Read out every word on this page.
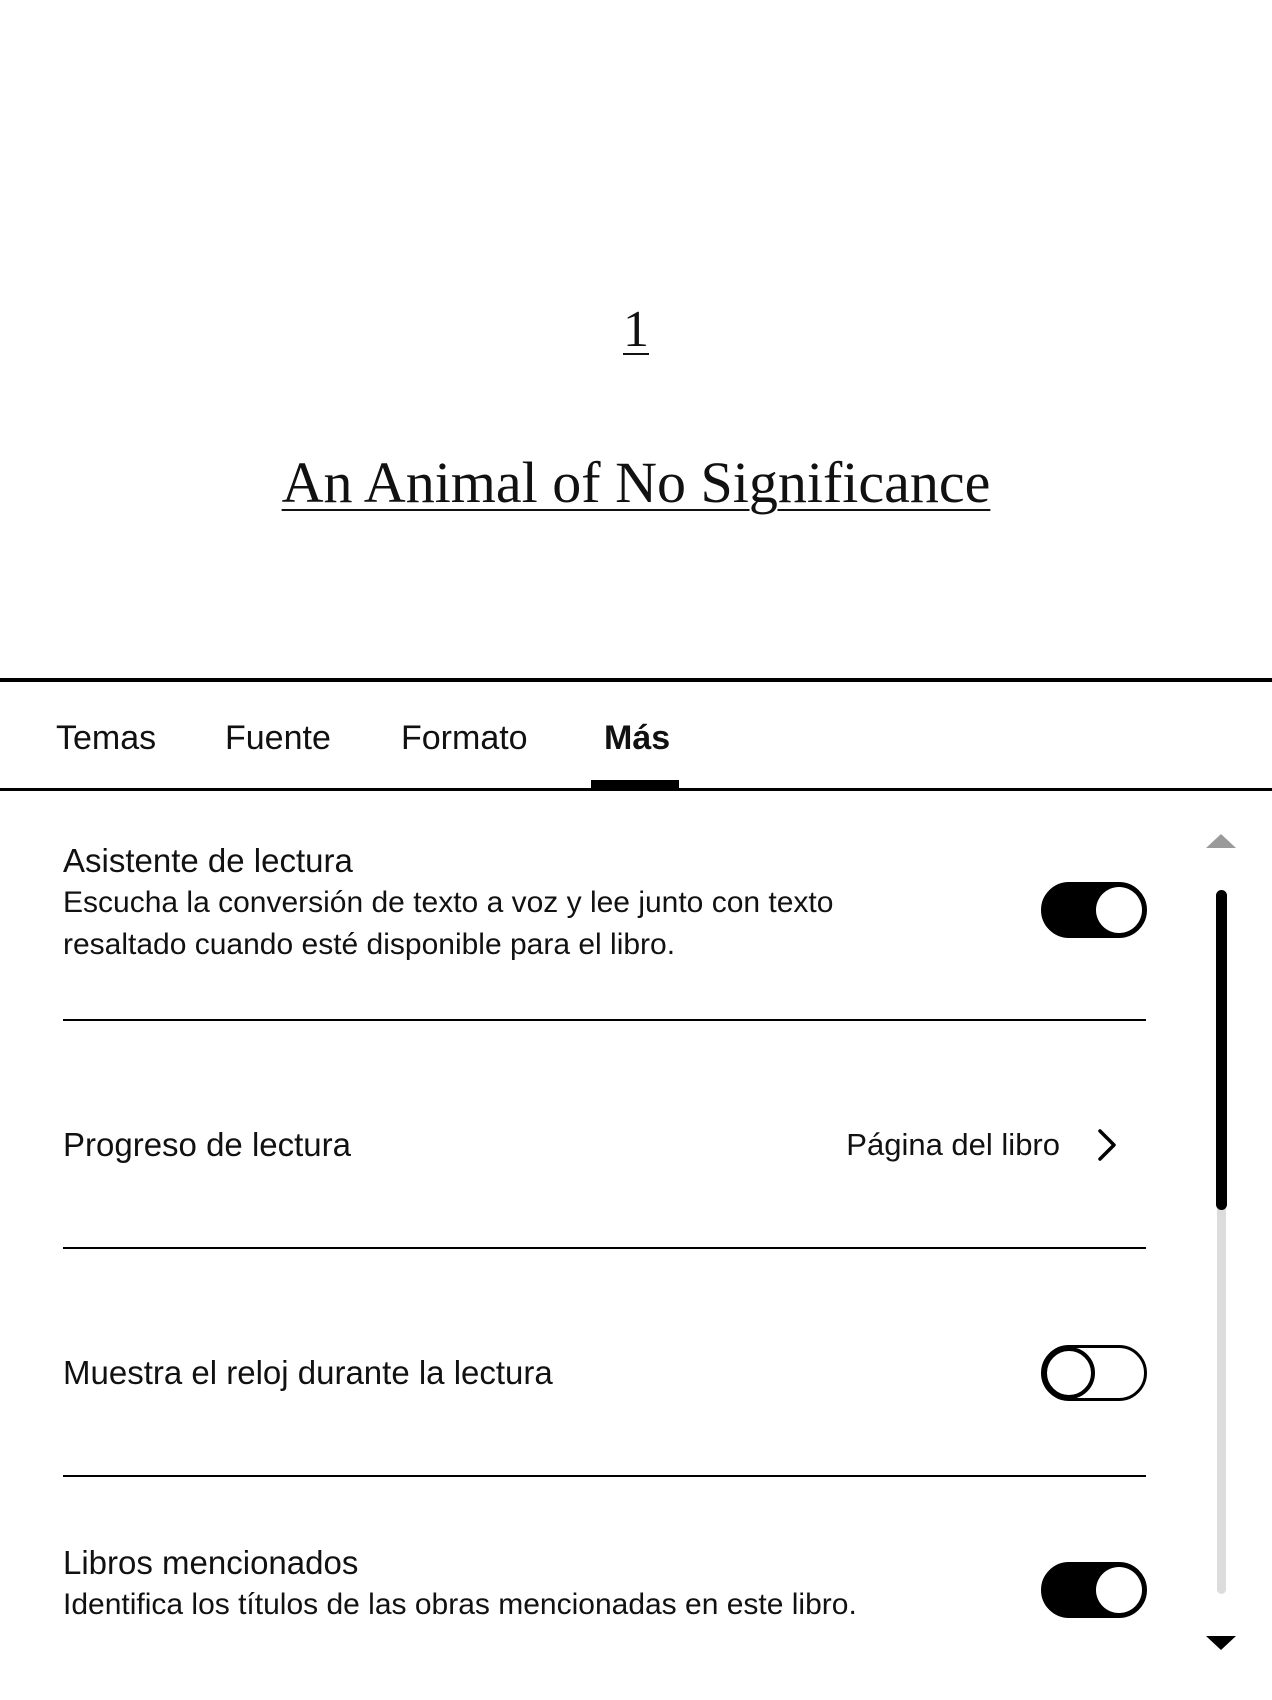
1
An Animal of No Significance
Temas Fuente Formato Más
Asistente de lectura
Escucha la conversión de texto a voz y lee junto con texto resaltado cuando esté disponible para el libro.
Progreso de lectura	Página del libro
Muestra el reloj durante la lectura
Libros mencionados
Identifica los títulos de las obras mencionadas en este libro.
